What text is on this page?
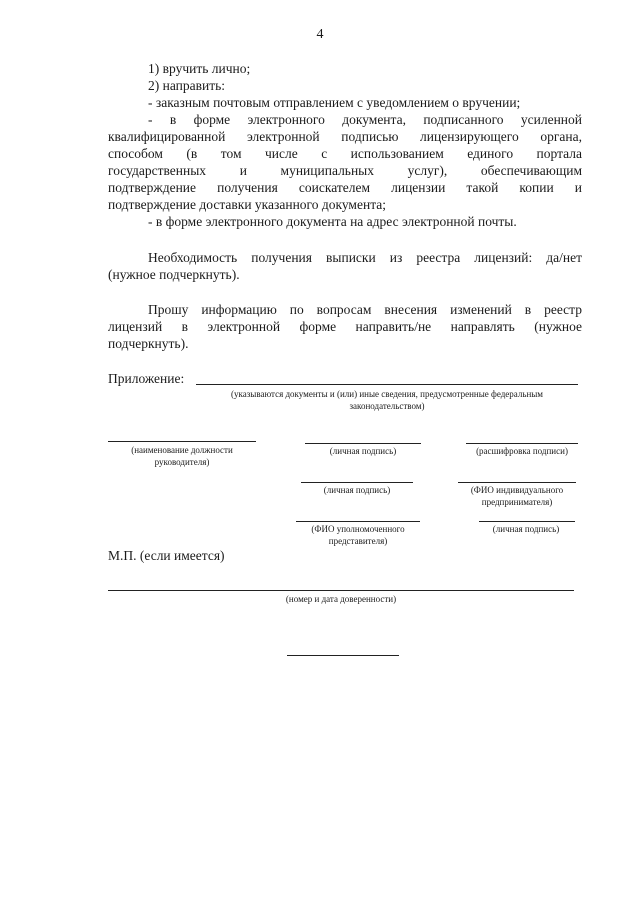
4
1) вручить лично;
2) направить:
- заказным почтовым отправлением с уведомлением о вручении;
- в форме электронного документа, подписанного усиленной
квалифицированной электронной подписью лицензирующего органа,
способом (в том числе с использованием единого портала
государственных и муниципальных услуг), обеспечивающим
подтверждение получения соискателем лицензии такой копии и
подтверждение доставки указанного документа;
- в форме электронного документа на адрес электронной почты.
Необходимость получения выписки из реестра лицензий: да/нет
(нужное подчеркнуть).
Прошу информацию по вопросам внесения изменений в реестр
лицензий в электронной форме направить/не направлять (нужное
подчеркнуть).
Приложение:
(указываются документы и (или) иные сведения, предусмотренные федеральным
законодательством)
(наименование должности
руководителя)
(личная подпись)	(расшифровка подписи)
(личная подпись)	(ФИО индивидуального
предпринимателя)
(ФИО уполномоченного
представителя)
(личная подпись)
М.П. (если имеется)
(номер и дата доверенности)
